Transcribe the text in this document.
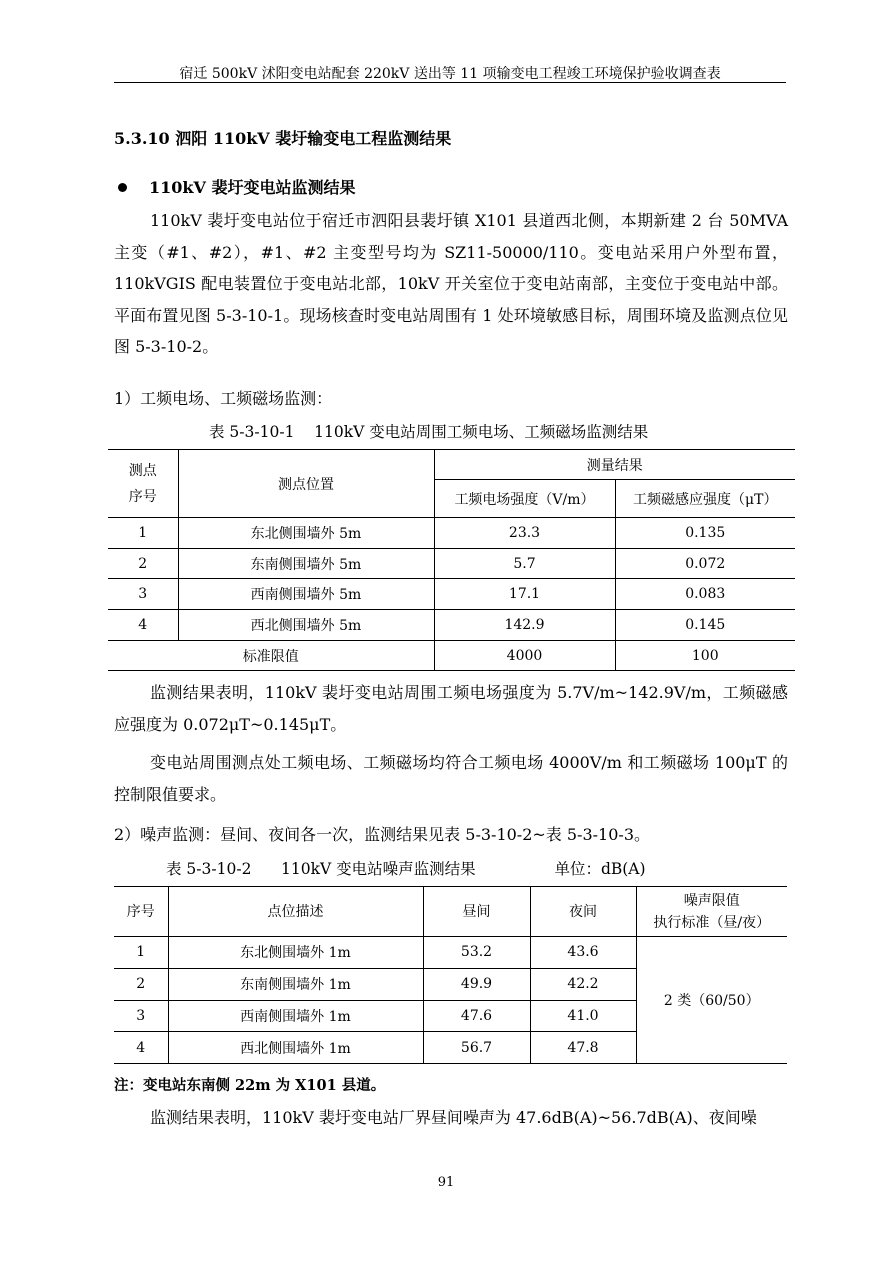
宿迁 500kV 沭阳变电站配套 220kV 送出等 11 项输变电工程竣工环境保护验收调查表
5.3.10 泗阳 110kV 裴圩输变电工程监测结果
110kV 裴圩变电站监测结果
110kV 裴圩变电站位于宿迁市泗阳县裴圩镇 X101 县道西北侧，本期新建 2 台 50MVA 主变（#1、#2），#1、#2 主变型号均为 SZ11-50000/110。变电站采用户外型布置，110kVGIS 配电装置位于变电站北部，10kV 开关室位于变电站南部，主变位于变电站中部。平面布置见图 5-3-10-1。现场核查时变电站周围有 1 处环境敏感目标，周围环境及监测点位见图 5-3-10-2。
1）工频电场、工频磁场监测：
表 5-3-10-1    110kV 变电站周围工频电场、工频磁场监测结果
测点
序号	测点位置	测量结果	
		工频电场强度（V/m）	工频磁感应强度（μT）
1	东北侧围墙外 5m	23.3	0.135
2	东南侧围墙外 5m	5.7	0.072
3	西南侧围墙外 5m	17.1	0.083
4	西北侧围墙外 5m	142.9	0.145
标准限值		4000	100
监测结果表明，110kV 裴圩变电站周围工频电场强度为 5.7V/m~142.9V/m，工频磁感应强度为 0.072μT~0.145μT。
变电站周围测点处工频电场、工频磁场均符合工频电场 4000V/m 和工频磁场 100μT 的控制限值要求。
2）噪声监测：昼间、夜间各一次，监测结果见表 5-3-10-2~表 5-3-10-3。
表 5-3-10-2      110kV 变电站噪声监测结果                单位：dB(A)
序号	点位描述	昼间	夜间	噪声限值
执行标准（昼/夜）
1	东北侧围墙外 1m	53.2	43.6	2 类（60/50）
2	东南侧围墙外 1m	49.9	42.2	
3	西南侧围墙外 1m	47.6	41.0	
4	西北侧围墙外 1m	56.7	47.8	
注：变电站东南侧 22m 为 X101 县道。
监测结果表明，110kV 裴圩变电站厂界昼间噪声为 47.6dB(A)~56.7dB(A)、夜间噪
91
